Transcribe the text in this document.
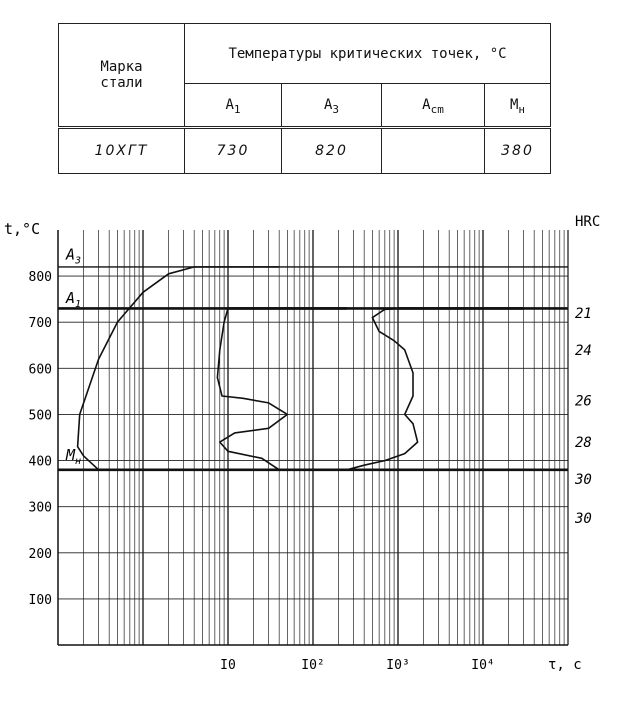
Марка
стали	Температуры критических точек, °С			
	$A_1$	$A_3$	$A_{cm}$	$M_н$
10ХГТ	730	820		380
t,°C	HRC
τ, c
I00
200
300
400
500
600
700
800
I0	I0²	I0³	I0⁴
$A_3$
$A_1$
$M_н$
21
24
26
28
30
30
